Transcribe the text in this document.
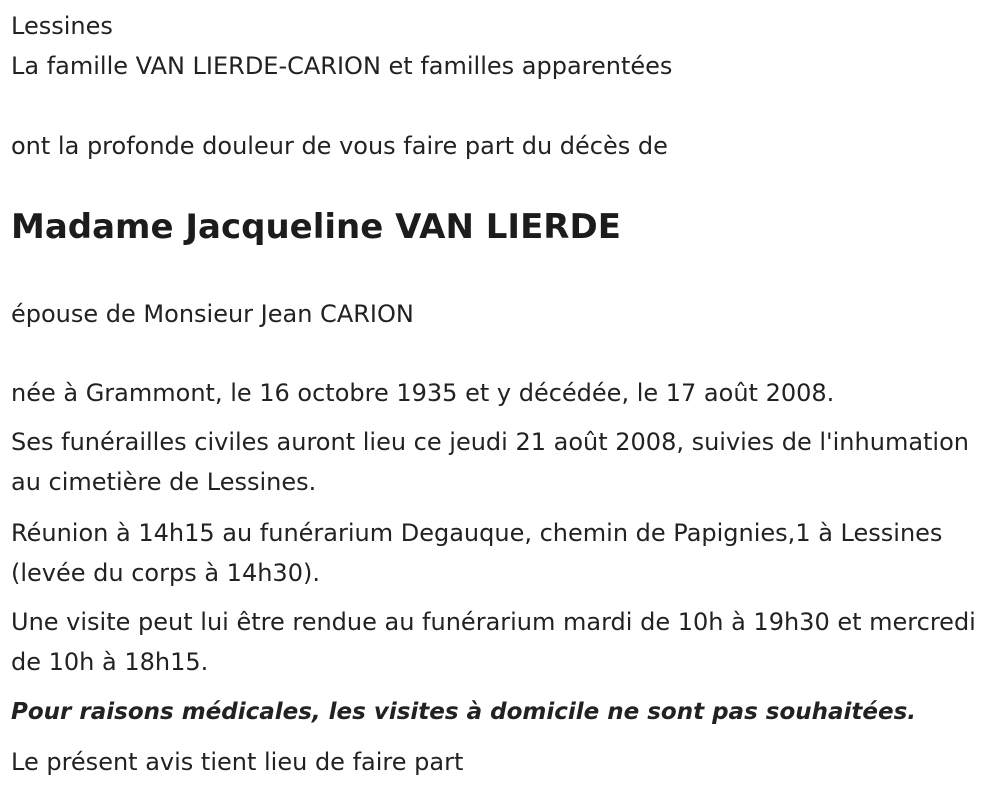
Lessines

La famille VAN LIERDE-CARION et familles apparentées

ont la profonde douleur de vous faire part du décès de

Madame Jacqueline VAN LIERDE

épouse de Monsieur Jean CARION

née à Grammont, le 16 octobre 1935 et y décédée, le 17 août 2008.

Ses funérailles civiles auront lieu ce jeudi 21 août 2008, suivies de l'inhumation au cimetière de Lessines.

Réunion à 14h15 au funérarium Degauque, chemin de Papignies,1 à Lessines (levée du corps à 14h30).

Une visite peut lui être rendue au funérarium mardi de 10h à 19h30 et mercredi de 10h à 18h15.

Pour raisons médicales, les visites à domicile ne sont pas souhaitées.

Le présent avis tient lieu de faire part
